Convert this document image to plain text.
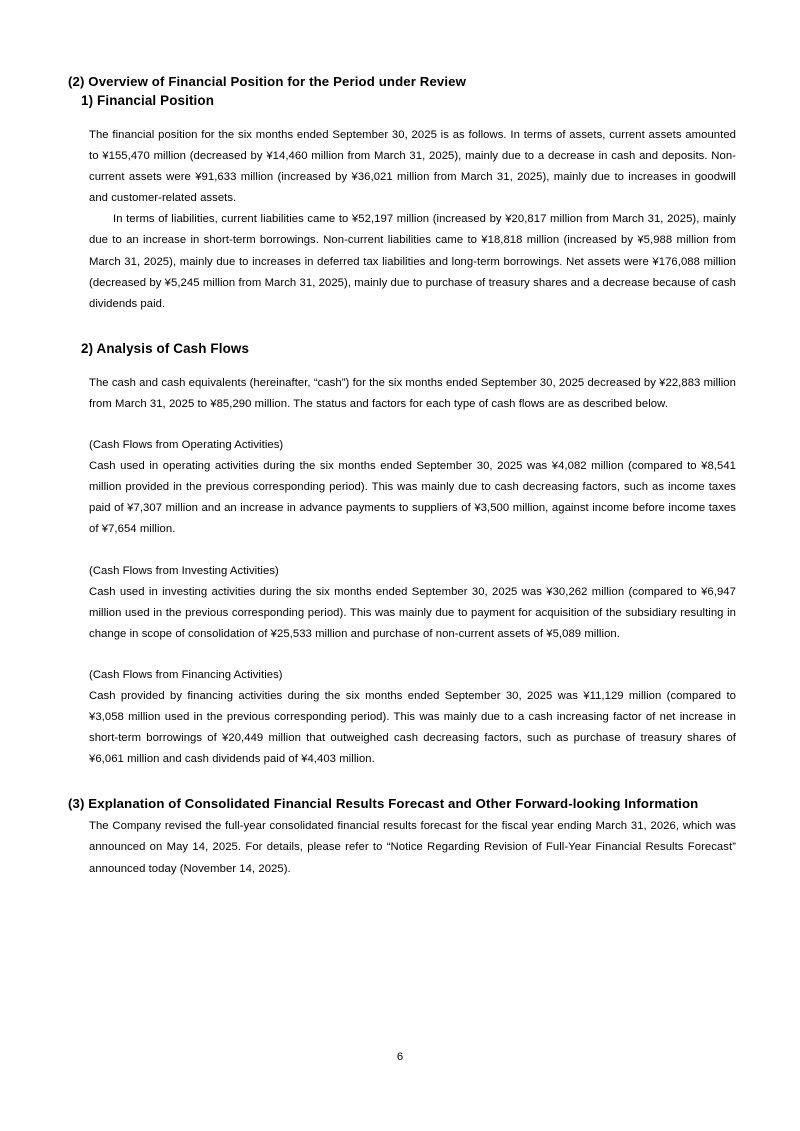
(2) Overview of Financial Position for the Period under Review
1) Financial Position

The financial position for the six months ended September 30, 2025 is as follows. In terms of assets, current assets amounted to ¥155,470 million (decreased by ¥14,460 million from March 31, 2025), mainly due to a decrease in cash and deposits. Non-current assets were ¥91,633 million (increased by ¥36,021 million from March 31, 2025), mainly due to increases in goodwill and customer-related assets.

In terms of liabilities, current liabilities came to ¥52,197 million (increased by ¥20,817 million from March 31, 2025), mainly due to an increase in short-term borrowings. Non-current liabilities came to ¥18,818 million (increased by ¥5,988 million from March 31, 2025), mainly due to increases in deferred tax liabilities and long-term borrowings. Net assets were ¥176,088 million (decreased by ¥5,245 million from March 31, 2025), mainly due to purchase of treasury shares and a decrease because of cash dividends paid.

2) Analysis of Cash Flows

The cash and cash equivalents (hereinafter, “cash”) for the six months ended September 30, 2025 decreased by ¥22,883 million from March 31, 2025 to ¥85,290 million. The status and factors for each type of cash flows are as described below.

(Cash Flows from Operating Activities)

Cash used in operating activities during the six months ended September 30, 2025 was ¥4,082 million (compared to ¥8,541 million provided in the previous corresponding period). This was mainly due to cash decreasing factors, such as income taxes paid of ¥7,307 million and an increase in advance payments to suppliers of ¥3,500 million, against income before income taxes of ¥7,654 million.

(Cash Flows from Investing Activities)

Cash used in investing activities during the six months ended September 30, 2025 was ¥30,262 million (compared to ¥6,947 million used in the previous corresponding period). This was mainly due to payment for acquisition of the subsidiary resulting in change in scope of consolidation of ¥25,533 million and purchase of non-current assets of ¥5,089 million.

(Cash Flows from Financing Activities)

Cash provided by financing activities during the six months ended September 30, 2025 was ¥11,129 million (compared to ¥3,058 million used in the previous corresponding period). This was mainly due to a cash increasing factor of net increase in short-term borrowings of ¥20,449 million that outweighed cash decreasing factors, such as purchase of treasury shares of ¥6,061 million and cash dividends paid of ¥4,403 million.

(3) Explanation of Consolidated Financial Results Forecast and Other Forward-looking Information

The Company revised the full-year consolidated financial results forecast for the fiscal year ending March 31, 2026, which was announced on May 14, 2025. For details, please refer to “Notice Regarding Revision of Full-Year Financial Results Forecast” announced today (November 14, 2025).

6
